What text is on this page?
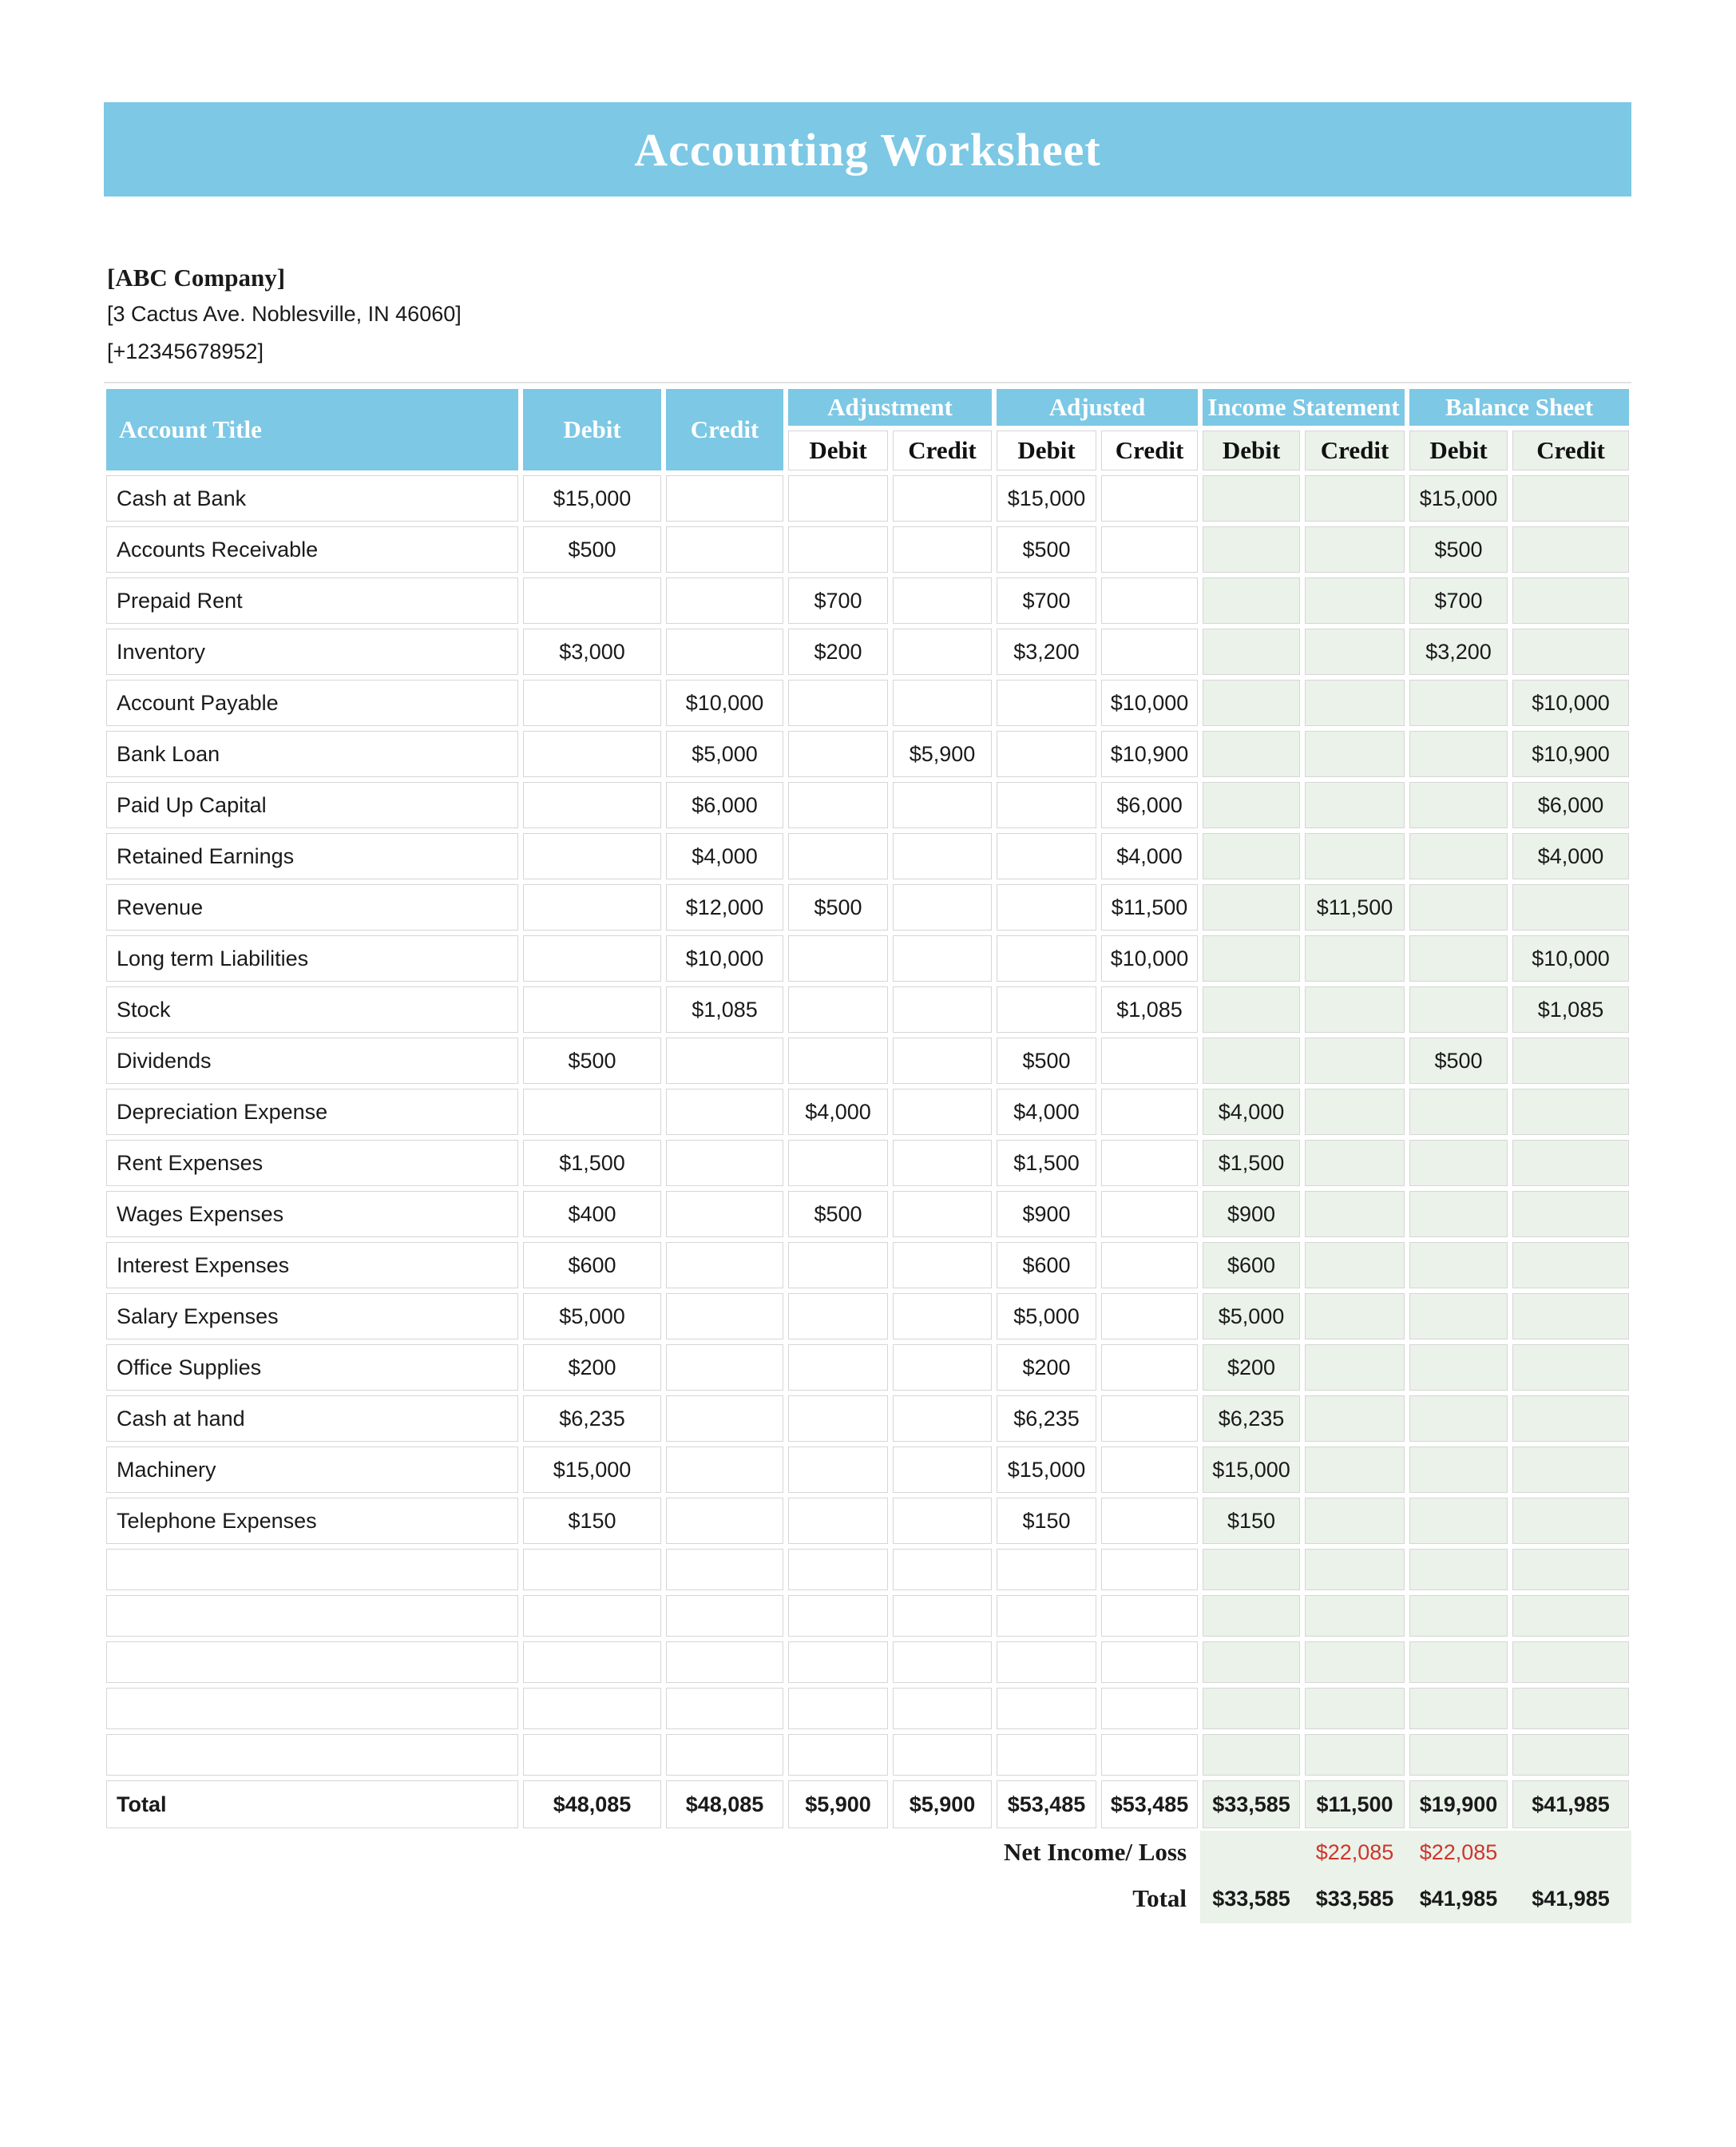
Accounting Worksheet
[ABC Company]
[3 Cactus Ave. Noblesville, IN 46060]
[+12345678952]
Account Title	Debit	Credit	Adjustment		Adjusted		Income Statement		Balance Sheet	
			Debit	Credit	Debit	Credit	Debit	Credit	Debit	Credit
Cash at Bank	$15,000				$15,000				$15,000	
Accounts Receivable	$500				$500				$500	
Prepaid Rent			$700		$700				$700	
Inventory	$3,000		$200		$3,200				$3,200	
Account Payable		$10,000				$10,000				$10,000
Bank Loan		$5,000		$5,900		$10,900				$10,900
Paid Up Capital		$6,000				$6,000				$6,000
Retained Earnings		$4,000				$4,000				$4,000
Revenue		$12,000	$500			$11,500		$11,500		
Long term Liabilities		$10,000				$10,000				$10,000
Stock		$1,085				$1,085				$1,085
Dividends	$500				$500				$500	
Depreciation Expense			$4,000		$4,000		$4,000			
Rent Expenses	$1,500				$1,500		$1,500			
Wages Expenses	$400		$500		$900		$900			
Interest Expenses	$600				$600		$600			
Salary Expenses	$5,000				$5,000		$5,000			
Office Supplies	$200				$200		$200			
Cash at hand	$6,235				$6,235		$6,235			
Machinery	$15,000				$15,000		$15,000			
Telephone Expenses	$150				$150		$150			

Total	$48,085	$48,085	$5,900	$5,900	$53,485	$53,485	$33,585	$11,500	$19,900	$41,985
Net Income/ Loss								$22,085	$22,085	
Total							$33,585	$33,585	$41,985	$41,985
